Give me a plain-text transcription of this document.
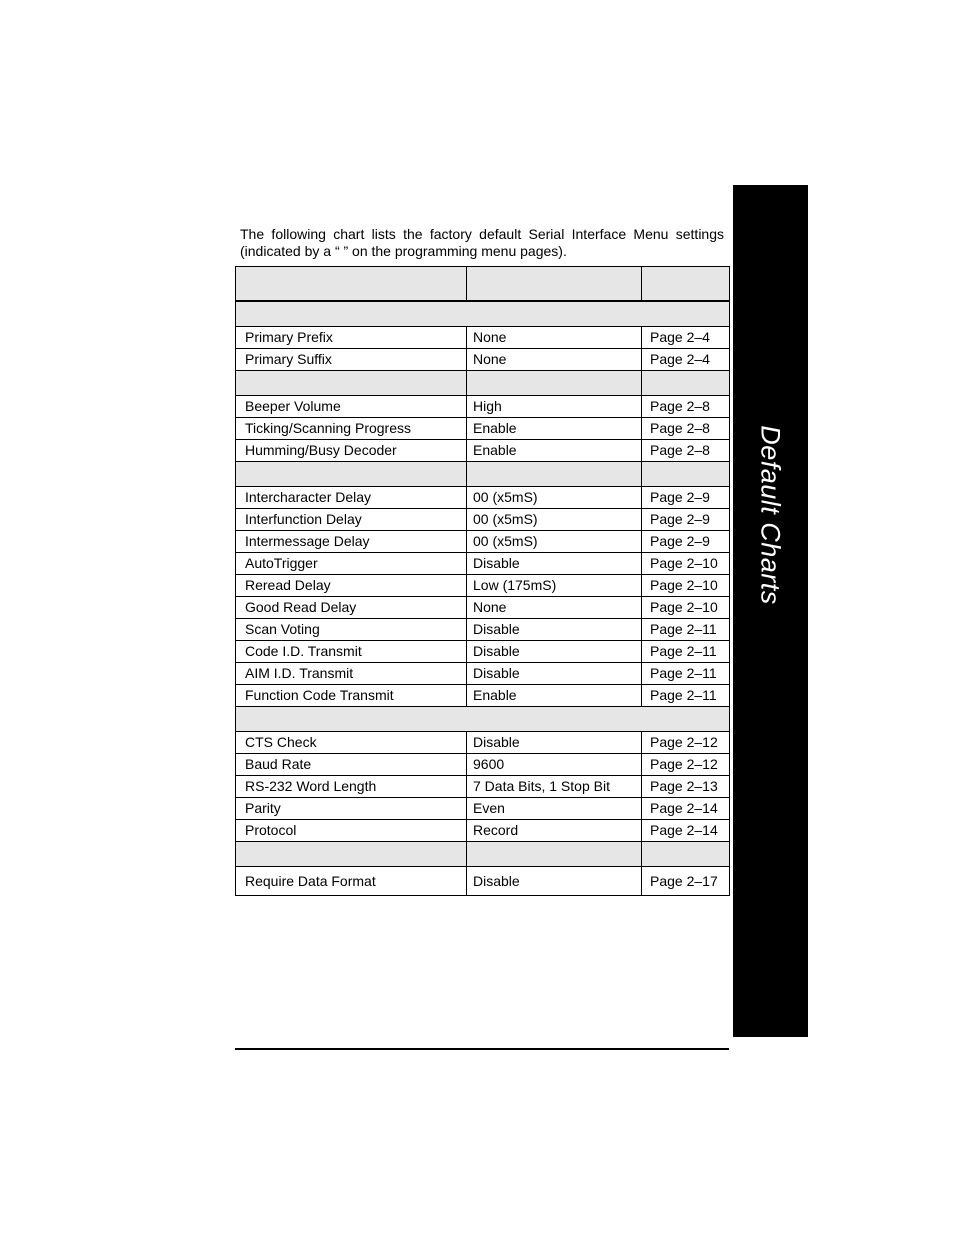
Default Charts
The following chart lists the factory default Serial Interface Menu settings
(indicated by a “ ” on the programming menu pages).

Primary Prefix	None	Page 2–4
Primary Suffix	None	Page 2–4

Beeper Volume	High	Page 2–8
Ticking/Scanning Progress	Enable	Page 2–8
Humming/Busy Decoder	Enable	Page 2–8

Intercharacter Delay	00 (x5mS)	Page 2–9
Interfunction Delay	00 (x5mS)	Page 2–9
Intermessage Delay	00 (x5mS)	Page 2–9
AutoTrigger	Disable	Page 2–10
Reread Delay	Low (175mS)	Page 2–10
Good Read Delay	None	Page 2–10
Scan Voting	Disable	Page 2–11
Code I.D. Transmit	Disable	Page 2–11
AIM I.D. Transmit	Disable	Page 2–11
Function Code Transmit	Enable	Page 2–11

CTS Check	Disable	Page 2–12
Baud Rate	9600	Page 2–12
RS-232 Word Length	7 Data Bits, 1 Stop Bit	Page 2–13
Parity	Even	Page 2–14
Protocol	Record	Page 2–14

Require Data Format	Disable	Page 2–17
